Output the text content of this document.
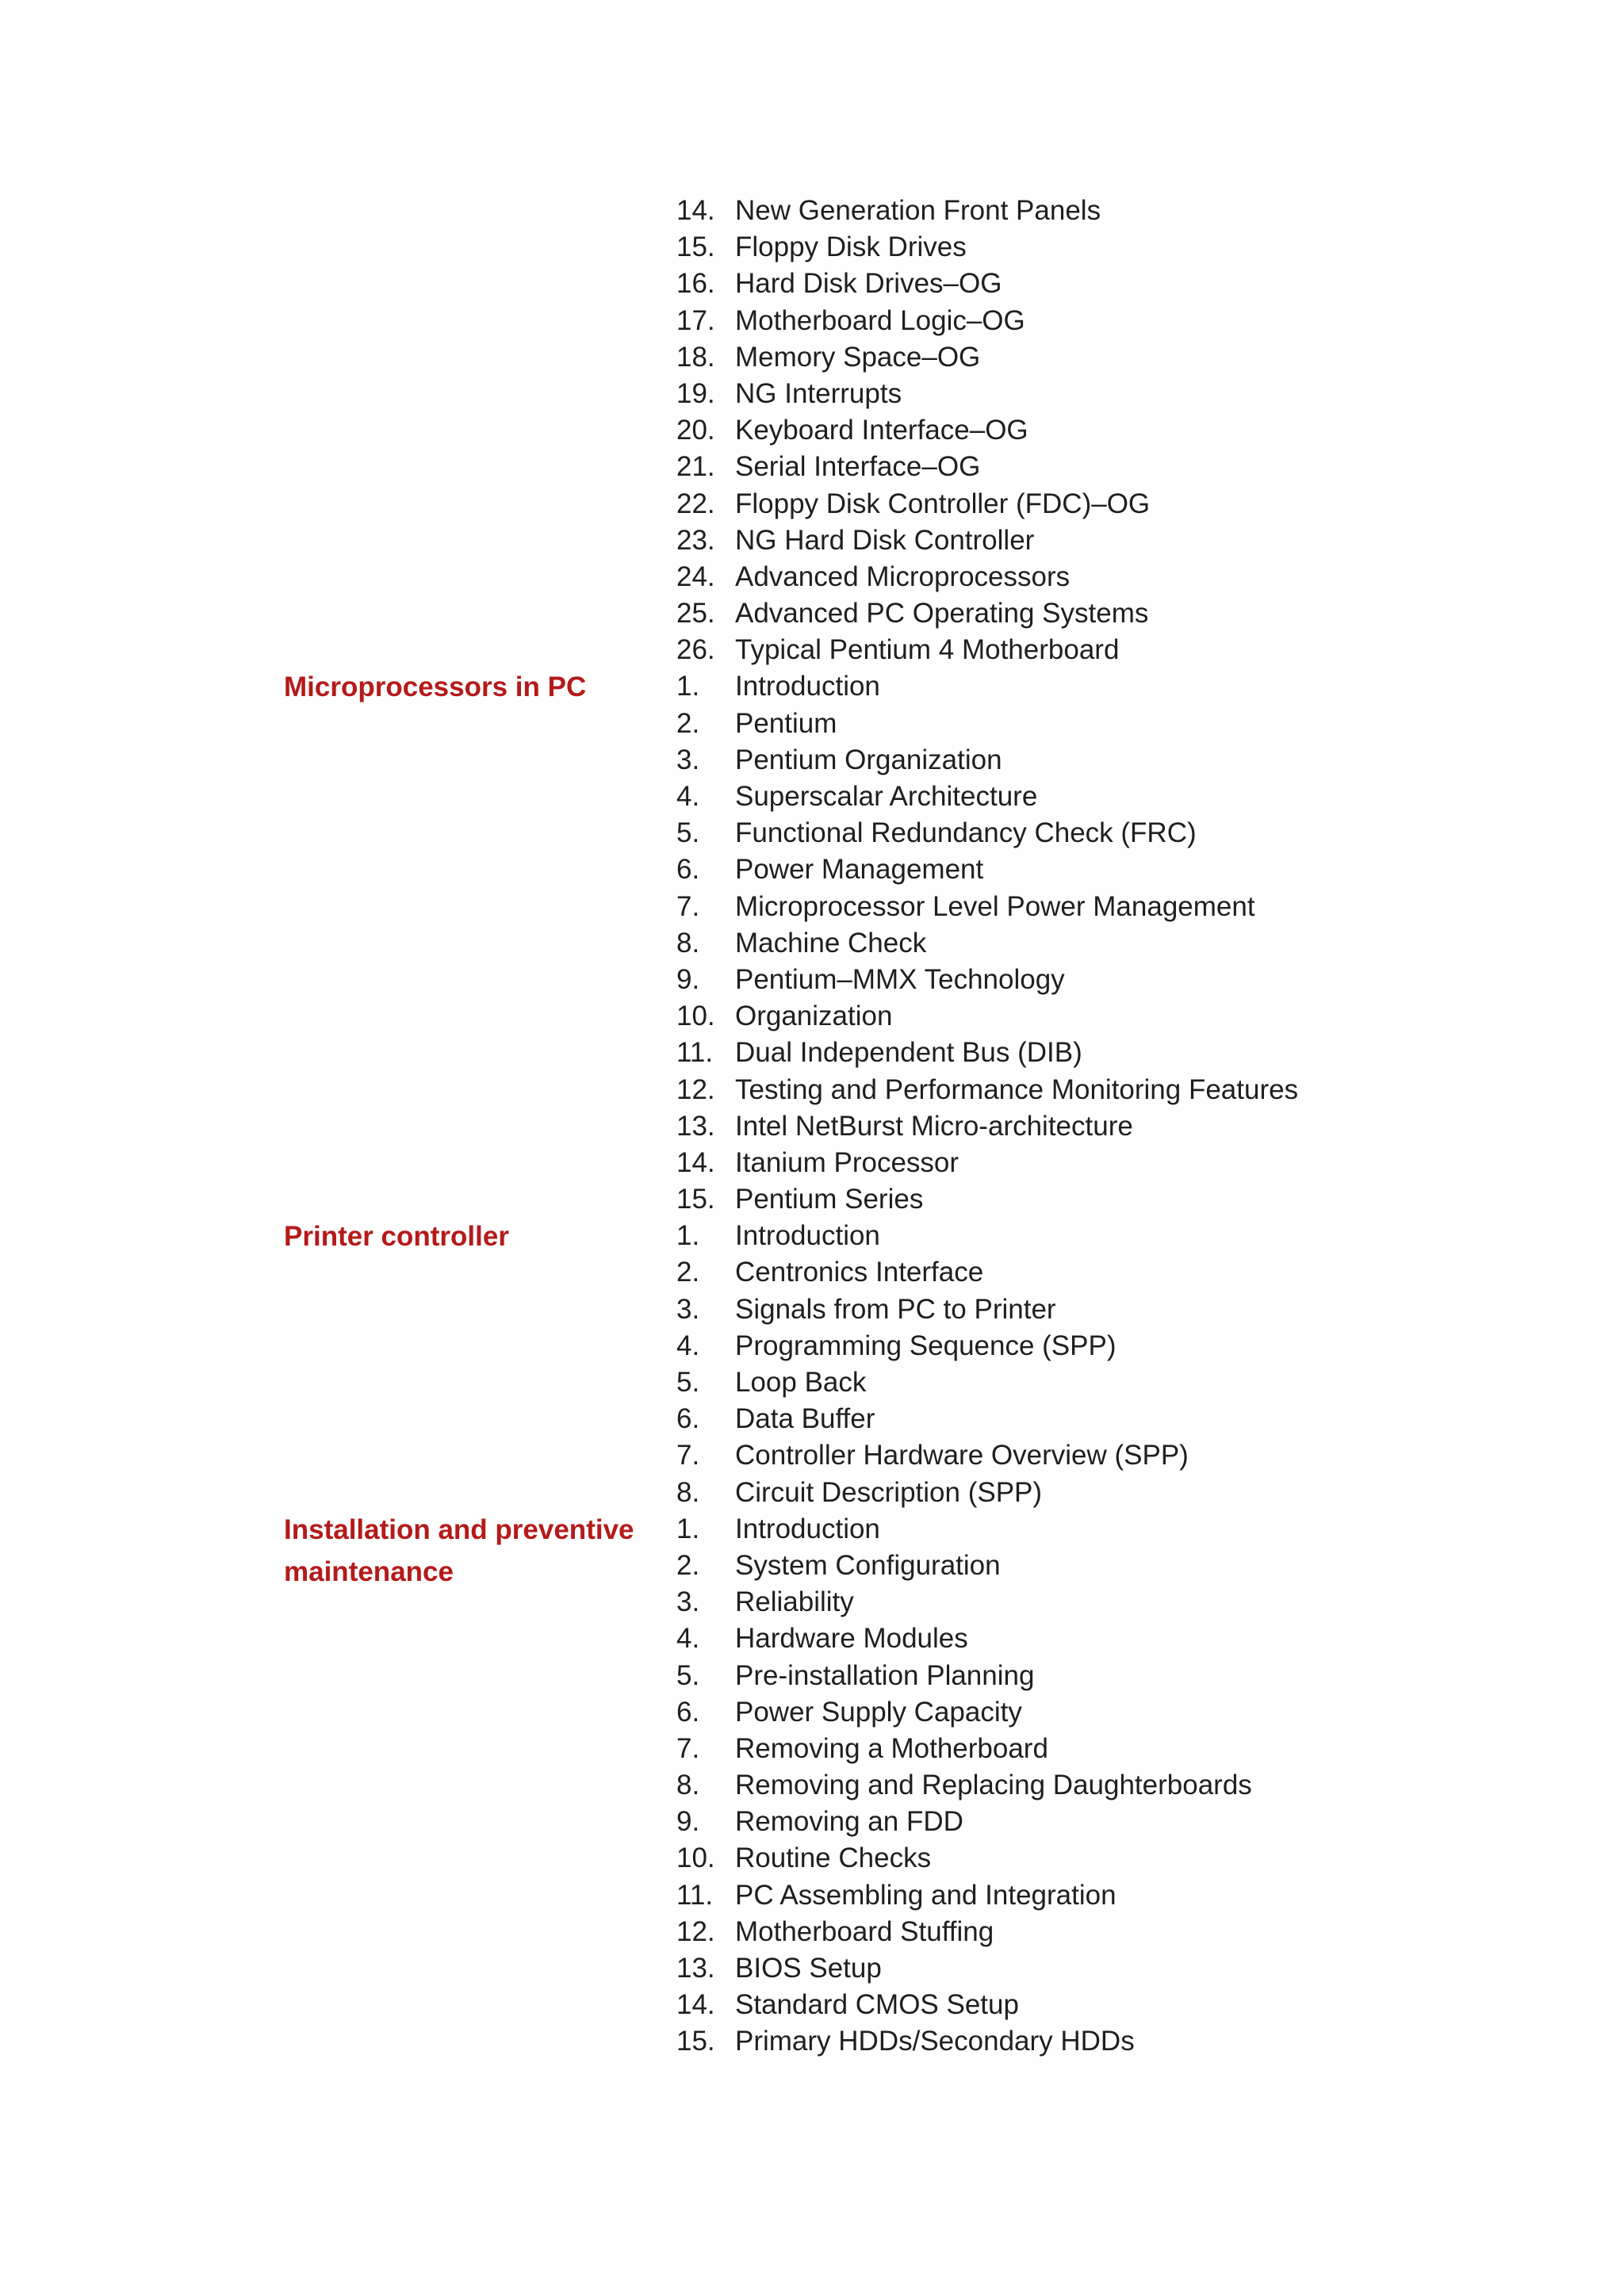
14. New Generation Front Panels
15. Floppy Disk Drives
16. Hard Disk Drives–OG
17. Motherboard Logic–OG
18. Memory Space–OG
19. NG Interrupts
20. Keyboard Interface–OG
21. Serial Interface–OG
22. Floppy Disk Controller (FDC)–OG
23. NG Hard Disk Controller
24. Advanced Microprocessors
25. Advanced PC Operating Systems
26. Typical Pentium 4 Motherboard
Microprocessors in PC	1. Introduction
2. Pentium
3. Pentium Organization
4. Superscalar Architecture
5. Functional Redundancy Check (FRC)
6. Power Management
7. Microprocessor Level Power Management
8. Machine Check
9. Pentium–MMX Technology
10. Organization
11. Dual Independent Bus (DIB)
12. Testing and Performance Monitoring Features
13. Intel NetBurst Micro-architecture
14. Itanium Processor
15. Pentium Series
Printer controller	1. Introduction
2. Centronics Interface
3. Signals from PC to Printer
4. Programming Sequence (SPP)
5. Loop Back
6. Data Buffer
7. Controller Hardware Overview (SPP)
8. Circuit Description (SPP)
Installation and preventive maintenance
1. Introduction
2. System Configuration
3. Reliability
4. Hardware Modules
5. Pre-installation Planning
6. Power Supply Capacity
7. Removing a Motherboard
8. Removing and Replacing Daughterboards
9. Removing an FDD
10. Routine Checks
11. PC Assembling and Integration
12. Motherboard Stuffing
13. BIOS Setup
14. Standard CMOS Setup
15. Primary HDDs/Secondary HDDs
